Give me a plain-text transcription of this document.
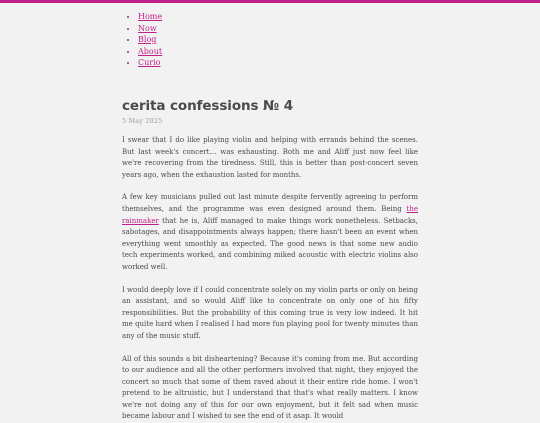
• Home
• Now
• Blog
• About
• Curio
cerita confessions № 4
5 May 2025

I swear that I do like playing violin and helping with errands behind the scenes. But last week's concert… was exhausting. Both me and Aliff just now feel like we're recovering from the tiredness. Still, this is better than post-concert seven years ago, when the exhaustion lasted for months.

A few key musicians pulled out last minute despite fervently agreeing to perform themselves, and the programme was even designed around them. Being the rainmaker that he is, Aliff managed to make things work nonetheless. Setbacks, sabotages, and disappointments always happen; there hasn't been an event when everything went smoothly as expected. The good news is that some new audio tech experiments worked, and combining miked acoustic with electric violins also worked well.

I would deeply love if I could concentrate solely on my violin parts or only on being an assistant, and so would Aliff like to concentrate on only one of his fifty responsibilities. But the probability of this coming true is very low indeed. It hit me quite hard when I realised I had more fun playing pool for twenty minutes than any of the music stuff.

All of this sounds a bit disheartening? Because it's coming from me. But according to our audience and all the other performers involved that night, they enjoyed the concert so much that some of them raved about it their entire ride home. I won't pretend to be altruistic, but I understand that that's what really matters. I know we're not doing any of this for our own enjoyment, but it felt sad when music became labour and I wished to see the end of it asap. It would
